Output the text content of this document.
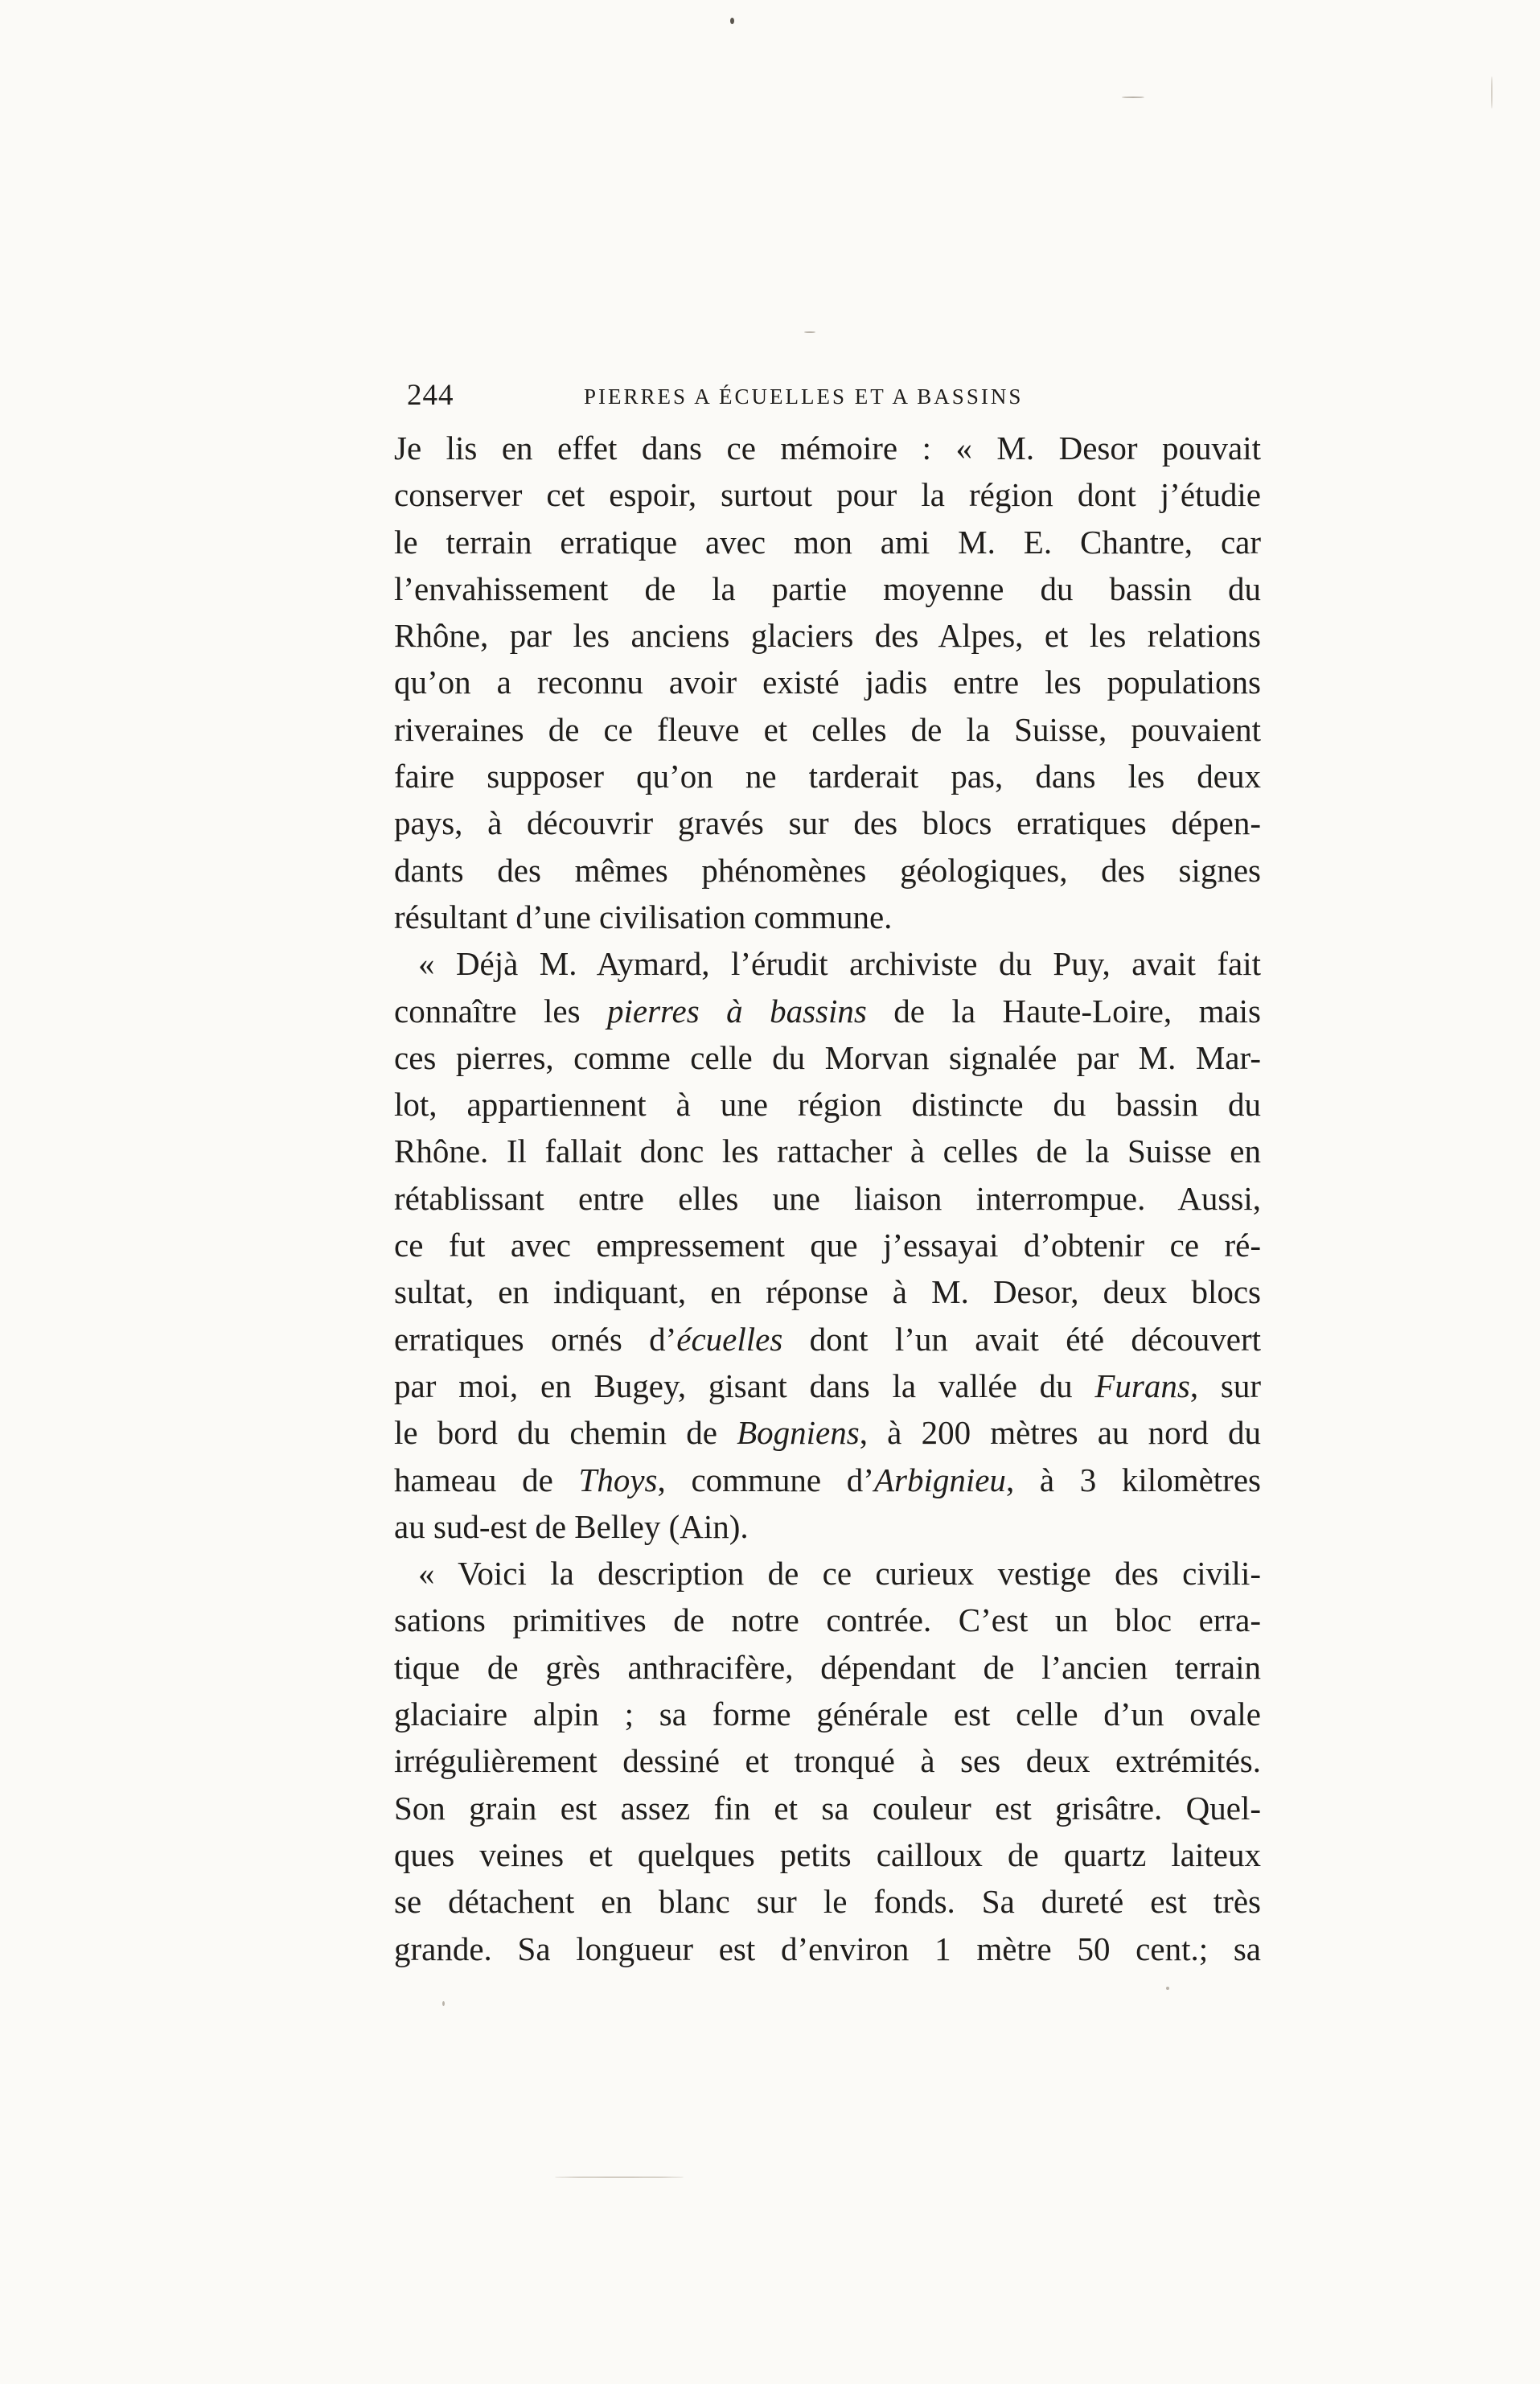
244	PIERRES A ÉCUELLES ET A BASSINS
Je lis en effet dans ce mémoire : « M. Desor pouvait
conserver cet espoir, surtout pour la région dont j’étudie
le terrain erratique avec mon ami M. E. Chantre, car
l’envahissement de la partie moyenne du bassin du
Rhône, par les anciens glaciers des Alpes, et les relations
qu’on a reconnu avoir existé jadis entre les populations
riveraines de ce fleuve et celles de la Suisse, pouvaient
faire supposer qu’on ne tarderait pas, dans les deux
pays, à découvrir gravés sur des blocs erratiques dépen-
dants des mêmes phénomènes géologiques, des signes
résultant d’une civilisation commune.
« Déjà M. Aymard, l’érudit archiviste du Puy, avait fait
connaître les pierres à bassins de la Haute-Loire, mais
ces pierres, comme celle du Morvan signalée par M. Mar-
lot, appartiennent à une région distincte du bassin du
Rhône. Il fallait donc les rattacher à celles de la Suisse en
rétablissant entre elles une liaison interrompue. Aussi,
ce fut avec empressement que j’essayai d’obtenir ce ré-
sultat, en indiquant, en réponse à M. Desor, deux blocs
erratiques ornés d’écuelles dont l’un avait été découvert
par moi, en Bugey, gisant dans la vallée du Furans, sur
le bord du chemin de Bogniens, à 200 mètres au nord du
hameau de Thoys, commune d’Arbignieu, à 3 kilomètres
au sud-est de Belley (Ain).
« Voici la description de ce curieux vestige des civili-
sations primitives de notre contrée. C’est un bloc erra-
tique de grès anthracifère, dépendant de l’ancien terrain
glaciaire alpin ; sa forme générale est celle d’un ovale
irrégulièrement dessiné et tronqué à ses deux extrémités.
Son grain est assez fin et sa couleur est grisâtre. Quel-
ques veines et quelques petits cailloux de quartz laiteux
se détachent en blanc sur le fonds. Sa dureté est très
grande. Sa longueur est d’environ 1 mètre 50 cent.; sa
